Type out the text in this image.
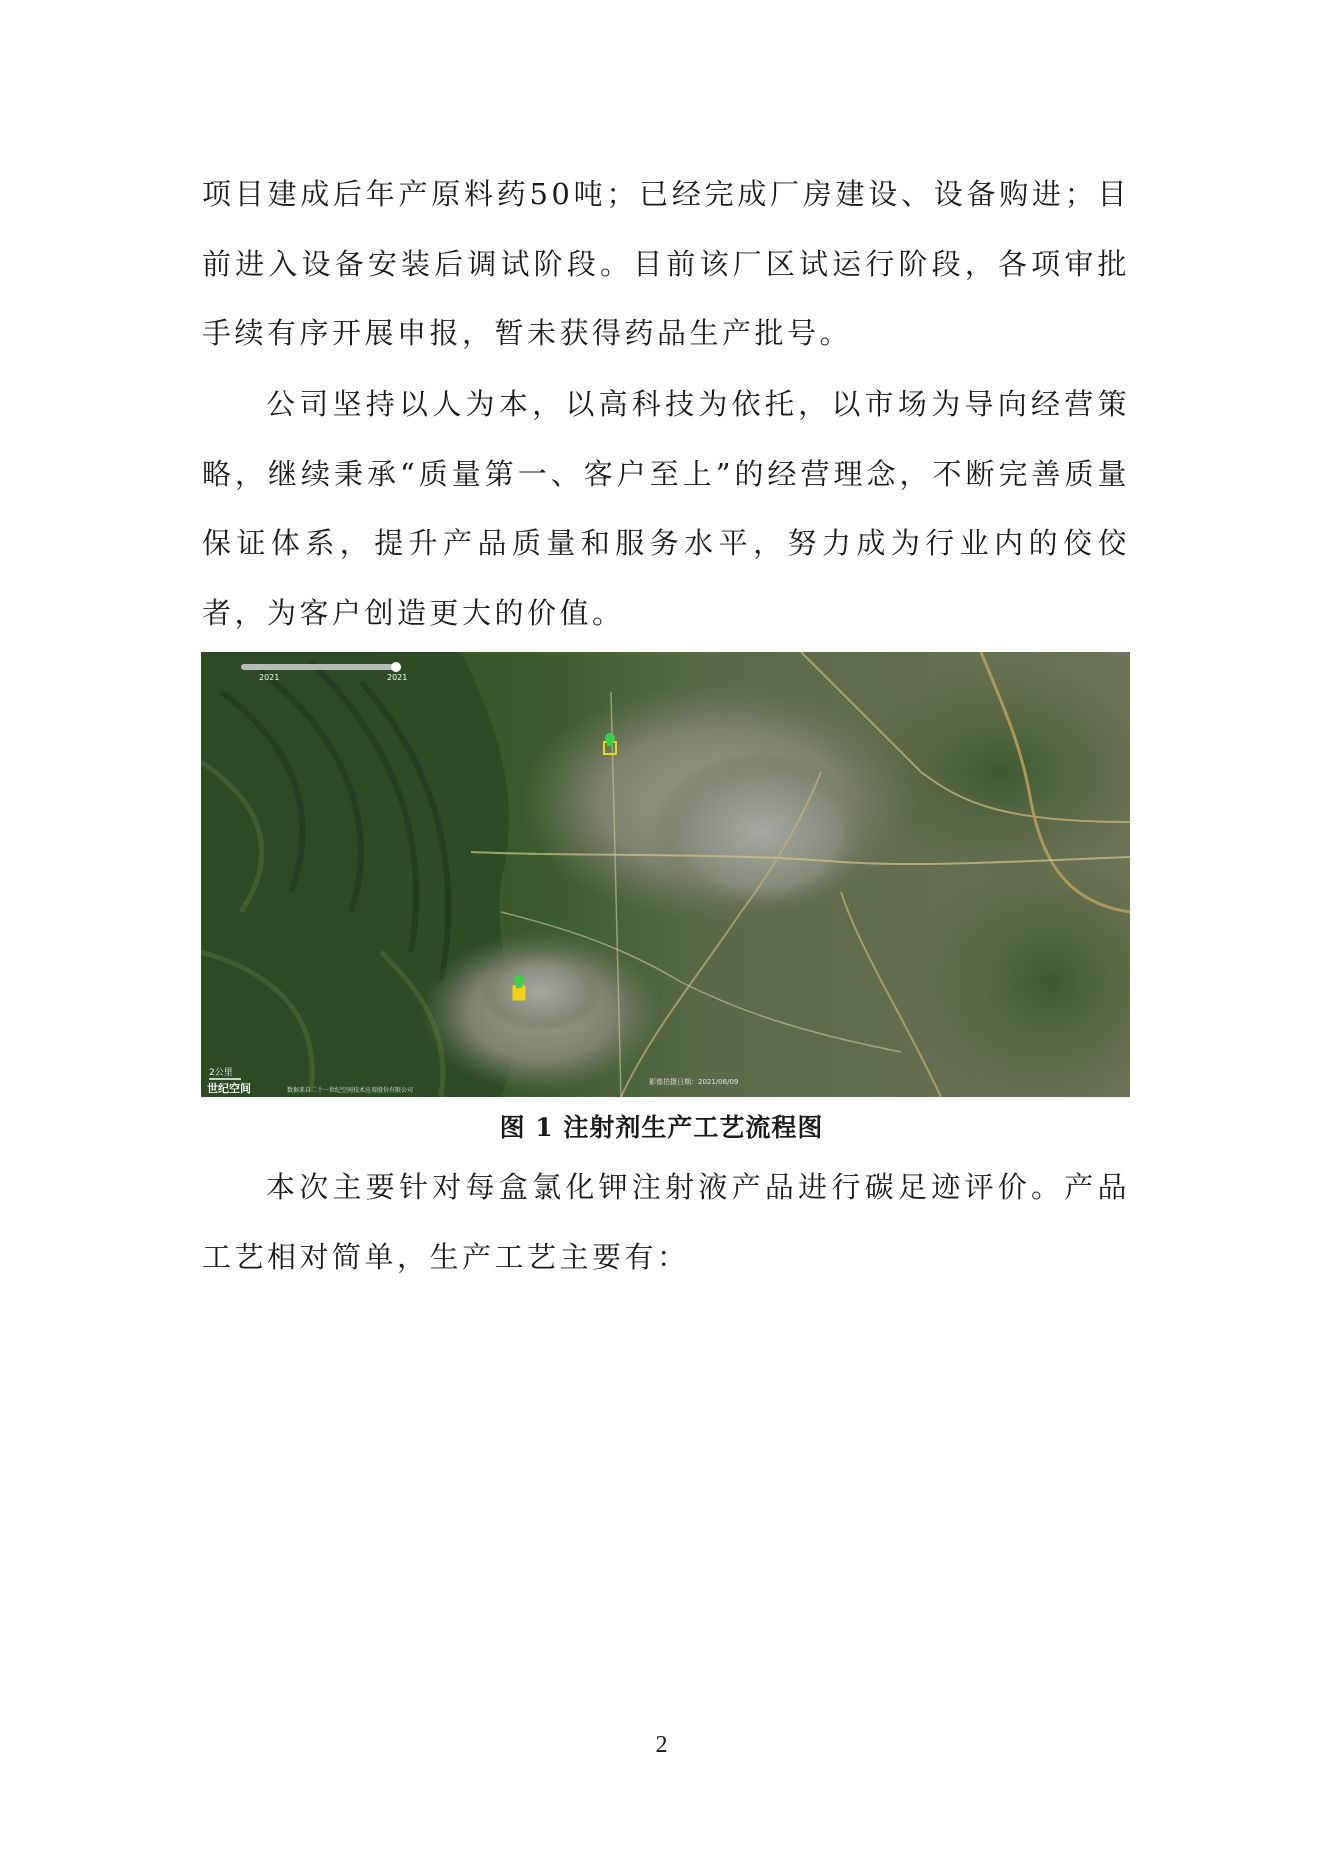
项目建成后年产原料药50吨；已经完成厂房建设、设备购进；目前进入设备安装后调试阶段。目前该厂区试运行阶段，各项审批手续有序开展申报，暂未获得药品生产批号。

公司坚持以人为本，以高科技为依托，以市场为导向经营策略，继续秉承“质量第一、客户至上”的经营理念，不断完善质量保证体系，提升产品质量和服务水平，努力成为行业内的佼佼者，为客户创造更大的价值。

2021	2021
2公里
世纪空间	数据来自二十一世纪空间技术应用股份有限公司
影像拍摄日期：2021/06/09
图 1 注射剂生产工艺流程图

本次主要针对每盒氯化钾注射液产品进行碳足迹评价。产品工艺相对简单，生产工艺主要有：

2
